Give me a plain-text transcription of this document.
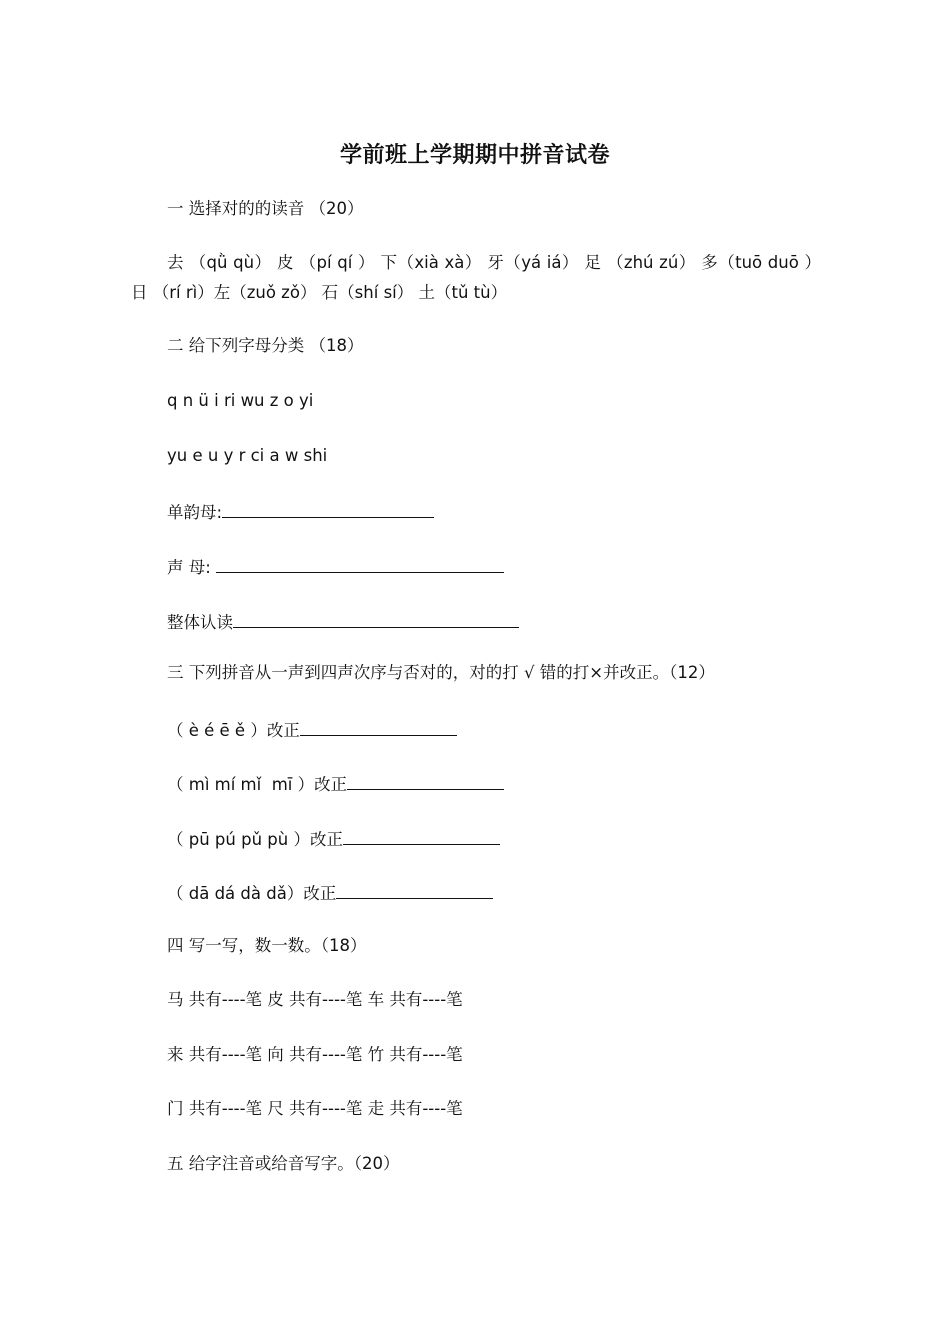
学前班上学期期中拼音试卷
一 选择对的的读音 （20）
去 （qǜ qù） 皮 （pí qí ） 下（xià xà） 牙（yá iá） 足 （zhú zú） 多（tuō duō ） 日 （rí rì）左（zuǒ zǒ） 石（shí sí） 土（tǔ tù）
二 给下列字母分类 （18）
q n ü i ri wu z o yi
yu e u y r ci a w shi
单韵母:
声 母:
整体认读
三 下列拼音从一声到四声次序与否对的，对的打 √ 错的打×并改正。（12）
（ è é ē ě ）改正
（ mì mí mǐ  mī ）改正
（ pū pú pǔ pù ）改正
（ dā dá dà dǎ）改正
四 写一写，数一数。（18）
马 共有----笔 皮 共有----笔 车 共有----笔
来 共有----笔 向 共有----笔 竹 共有----笔
门 共有----笔 尺 共有----笔 走 共有----笔
五 给字注音或给音写字。（20）
